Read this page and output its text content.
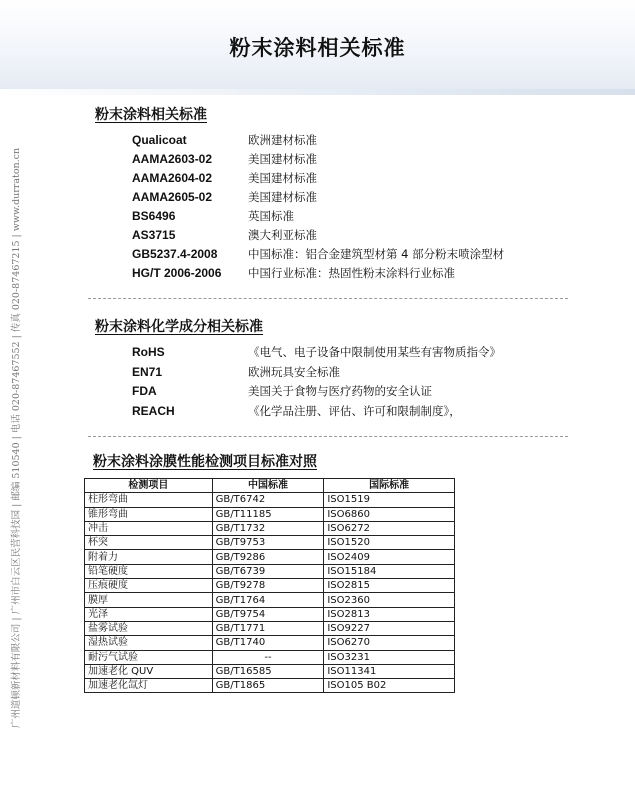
粉末涂料相关标准
广州道顿新材料有限公司 | 广州市白云区民营科技园 | 邮编 510540 | 电话 020-87467552 | 传真 020-87467215 | www.durraton.cn
粉末涂料相关标准
Qualicoat	欧洲建材标准
AAMA2603-02	美国建材标准
AAMA2604-02	美国建材标准
AAMA2605-02	美国建材标准
BS6496	英国标准
AS3715	澳大利亚标准
GB5237.4-2008	中国标准：铝合金建筑型材第 4 部分粉末喷涂型材
HG/T 2006-2006	中国行业标准：热固性粉末涂料行业标准
粉末涂料化学成分相关标准
RoHS	《电气、电子设备中限制使用某些有害物质指令》
EN71	欧洲玩具安全标准
FDA	美国关于食物与医疗药物的安全认证
REACH	《化学品注册、评估、许可和限制制度》，
粉末涂料涂膜性能检测项目标准对照
检测项目	中国标准	国际标准
柱形弯曲	GB/T6742	ISO1519
锥形弯曲	GB/T11185	ISO6860
冲击	GB/T1732	ISO6272
杯突	GB/T9753	ISO1520
附着力	GB/T9286	ISO2409
铅笔硬度	GB/T6739	ISO15184
压痕硬度	GB/T9278	ISO2815
膜厚	GB/T1764	ISO2360
光泽	GB/T9754	ISO2813
盐雾试验	GB/T1771	ISO9227
湿热试验	GB/T1740	ISO6270
耐污气试验	--	ISO3231
加速老化 QUV	GB/T16585	ISO11341
加速老化氙灯	GB/T1865	ISO105 B02
